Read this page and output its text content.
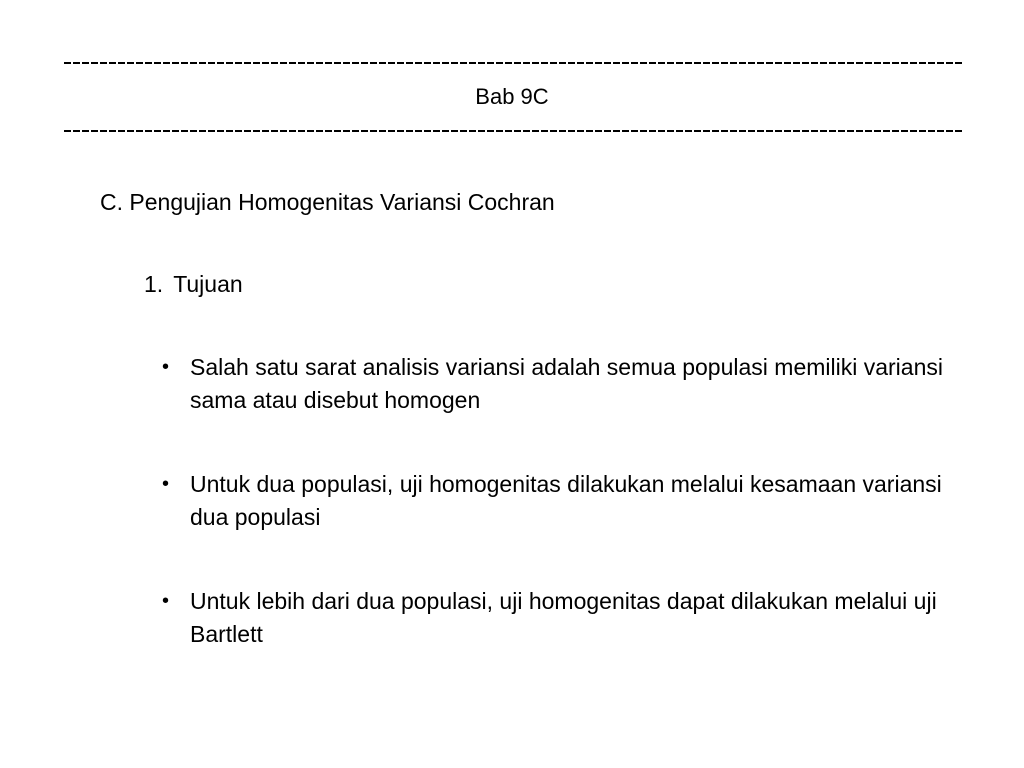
Bab 9C
C. Pengujian Homogenitas Variansi Cochran
1. Tujuan
• Salah satu sarat analisis variansi adalah semua populasi memiliki variansi sama atau disebut homogen
• Untuk dua populasi, uji homogenitas dilakukan melalui kesamaan variansi dua populasi
• Untuk lebih dari dua populasi, uji homogenitas dapat dilakukan melalui uji Bartlett
